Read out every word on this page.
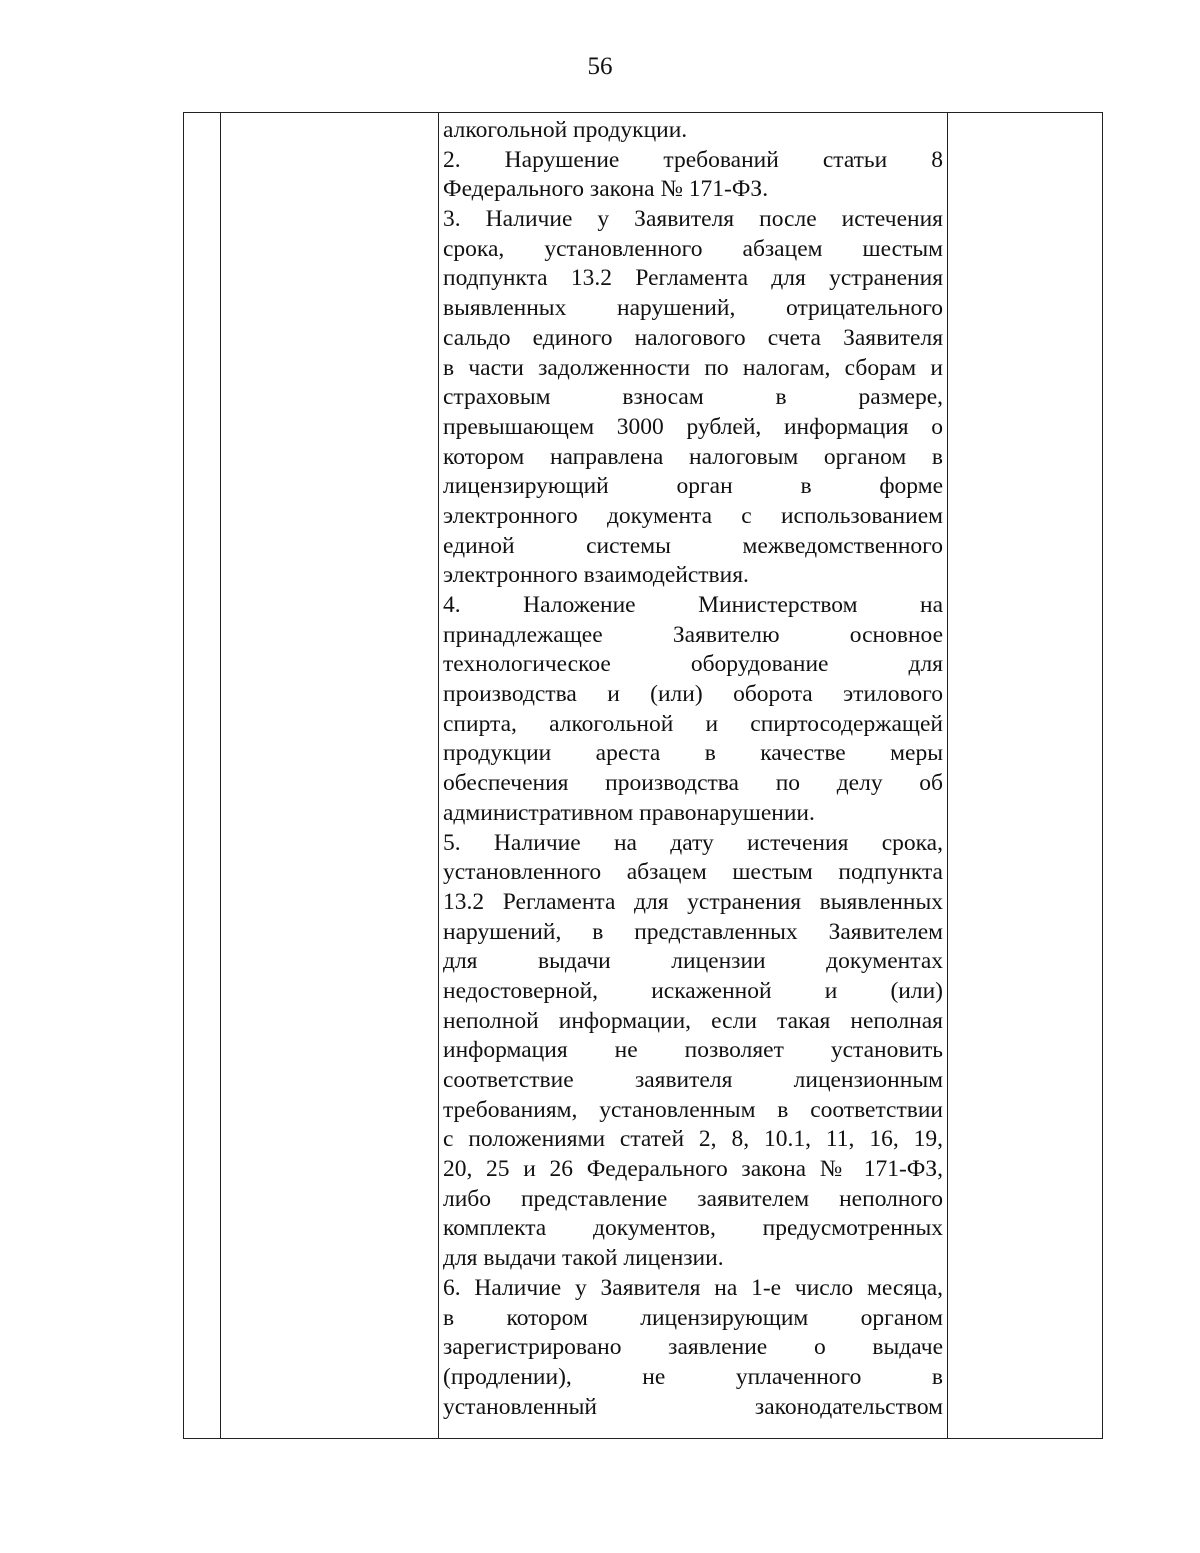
56
алкогольной продукции.
2. Нарушение требований статьи 8
Федерального закона № 171-ФЗ.
3. Наличие у Заявителя после истечения
срока, установленного абзацем шестым
подпункта 13.2 Регламента для устранения
выявленных нарушений, отрицательного
сальдо единого налогового счета Заявителя
в части задолженности по налогам, сборам и
страховым взносам в размере,
превышающем 3000 рублей, информация о
котором направлена налоговым органом в
лицензирующий орган в форме
электронного документа с использованием
единой системы межведомственного
электронного взаимодействия.
4. Наложение Министерством на
принадлежащее Заявителю основное
технологическое оборудование для
производства и (или) оборота этилового
спирта, алкогольной и спиртосодержащей
продукции ареста в качестве меры
обеспечения производства по делу об
административном правонарушении.
5. Наличие на дату истечения срока,
установленного абзацем шестым подпункта
13.2 Регламента для устранения выявленных
нарушений, в представленных Заявителем
для выдачи лицензии документах
недостоверной, искаженной и (или)
неполной информации, если такая неполная
информация не позволяет установить
соответствие заявителя лицензионным
требованиям, установленным в соответствии
с положениями статей 2, 8, 10.1, 11, 16, 19,
20, 25 и 26 Федерального закона № 171-ФЗ,
либо представление заявителем неполного
комплекта документов, предусмотренных
для выдачи такой лицензии.
6. Наличие у Заявителя на 1-е число месяца,
в котором лицензирующим органом
зарегистрировано заявление о выдаче
(продлении), не уплаченного в
установленный законодательством
